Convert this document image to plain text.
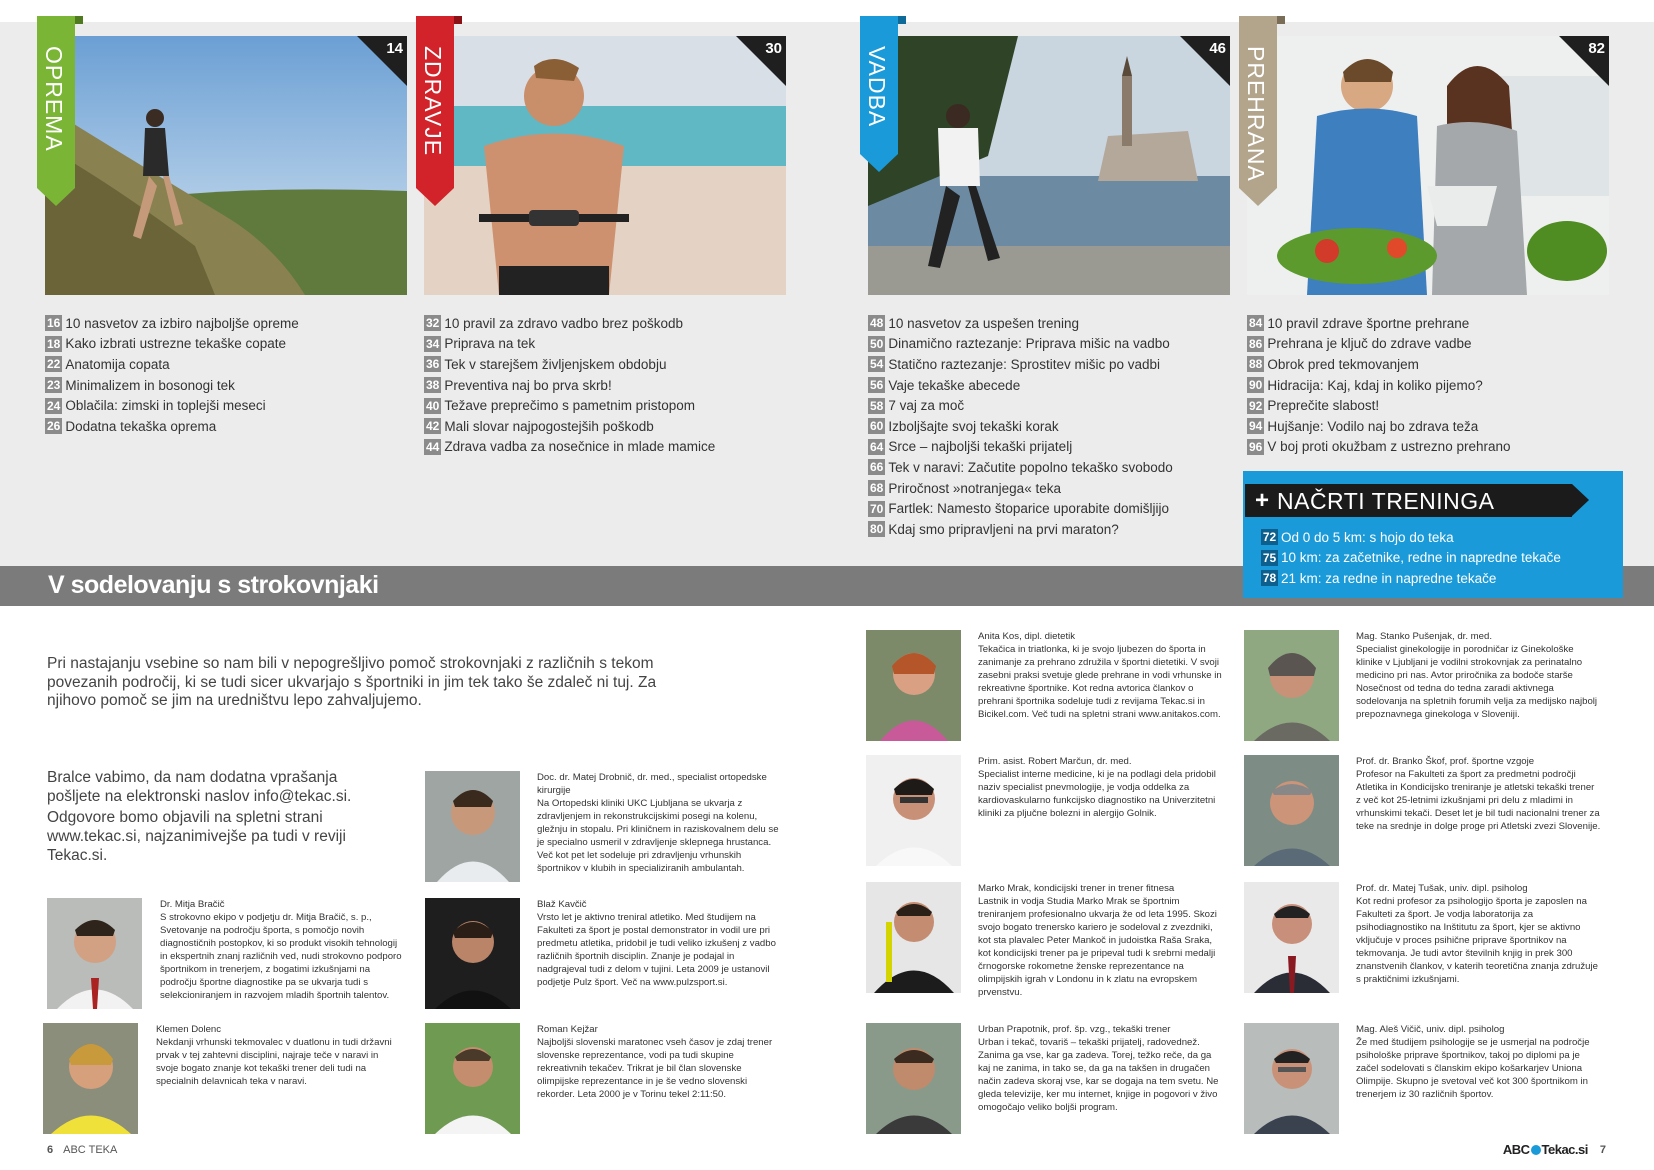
14
OPREMA
16 10 nasvetov za izbiro najboljše opreme
18 Kako izbrati ustrezne tekaške copate
22 Anatomija copata
23 Minimalizem in bosonogi tek
24 Oblačila: zimski in toplejši meseci
26 Dodatna tekaška oprema
30
ZDRAVJE
32 10 pravil za zdravo vadbo brez poškodb
34 Priprava na tek
36 Tek v starejšem življenjskem obdobju
38 Preventiva naj bo prva skrb!
40 Težave preprečimo s pametnim pristopom
42 Mali slovar najpogostejših poškodb
44 Zdrava vadba za nosečnice in mlade mamice
46
VADBA
48 10 nasvetov za uspešen trening
50 Dinamično raztezanje: Priprava mišic na vadbo
54 Statično raztezanje: Sprostitev mišic po vadbi
56 Vaje tekaške abecede
58 7 vaj za moč
60 Izboljšajte svoj tekaški korak
64 Srce – najboljši tekaški prijatelj
66 Tek v naravi: Začutite popolno tekaško svobodo
68 Priročnost »notranjega« teka
70 Fartlek: Namesto štoparice uporabite domišljijo
80 Kdaj smo pripravljeni na prvi maraton?
82
PREHRANA
84 10 pravil zdrave športne prehrane
86 Prehrana je ključ do zdrave vadbe
88 Obrok pred tekmovanjem
90 Hidracija: Kaj, kdaj in koliko pijemo?
92 Preprečite slabost!
94 Hujšanje: Vodilo naj bo zdrava teža
96 V boj proti okužbam z ustrezno prehrano
V sodelovanju s strokovnjaki
+ NAČRTI TRENINGA
72 Od 0 do 5 km: s hojo do teka
75 10 km: za začetnike, redne in napredne tekače
78 21 km: za redne in napredne tekače

Pri nastajanju vsebine so nam bili v nepogrešljivo pomoč strokovnjaki z različnih s tekom povezanih področij, ki se tudi sicer ukvarjajo s športniki in jim tek tako še zdaleč ni tuj. Za njihovo pomoč se jim na uredništvu lepo zahvaljujemo.

Bralce vabimo, da nam dodatna vprašanja pošljete na elektronski naslov info@tekac.si.

Odgovore bomo objavili na spletni strani www.tekac.si, najzanimivejše pa tudi v reviji Tekac.si.

Doc. dr. Matej Drobnič, dr. med., specialist ortopedske kirurgije
Na Ortopedski kliniki UKC Ljubljana se ukvarja z zdravljenjem in rekonstrukcijskimi posegi na kolenu, gležnju in stopalu. Pri kliničnem in raziskovalnem delu se je specialno usmeril v zdravljenje sklepnega hrustanca. Več kot pet let sodeluje pri zdravljenju vrhunskih športnikov v klubih in specializiranih ambulantah.
Dr. Mitja Bračič
S strokovno ekipo v podjetju dr. Mitja Bračič, s. p., Svetovanje na področju športa, s pomočjo novih diagnostičnih postopkov, ki so produkt visokih tehnologij in ekspertnih znanj različnih ved, nudi strokovno podporo športnikom in trenerjem, z bogatimi izkušnjami na področju športne diagnostike pa se ukvarja tudi s selekcioniranjem in razvojem mladih športnih talentov.
Blaž Kavčič
Vrsto let je aktivno treniral atletiko. Med študijem na Fakulteti za šport je postal demonstrator in vodil ure pri predmetu atletika, pridobil je tudi veliko izkušenj z vadbo različnih športnih disciplin. Znanje je podajal in nadgrajeval tudi z delom v tujini. Leta 2009 je ustanovil podjetje Pulz šport. Več na www.pulzsport.si.
Klemen Dolenc
Nekdanji vrhunski tekmovalec v duatlonu in tudi državni prvak v tej zahtevni disciplini, najraje teče v naravi in svoje bogato znanje kot tekaški trener deli tudi na specialnih delavnicah teka v naravi.
Roman Kejžar
Najboljši slovenski maratonec vseh časov je zdaj trener slovenske reprezentance, vodi pa tudi skupine rekreativnih tekačev. Trikrat je bil član slovenske olimpijske reprezentance in je še vedno slovenski rekorder. Leta 2000 je v Torinu tekel 2:11:50.
Anita Kos, dipl. dietetik
Tekačica in triatlonka, ki je svojo ljubezen do športa in zanimanje za prehrano združila v športni dietetiki. V svoji zasebni praksi svetuje glede prehrane in vodi vrhunske in rekreativne športnike. Kot redna avtorica člankov o prehrani športnika sodeluje tudi z revijama Tekac.si in Bicikel.com. Več tudi na spletni strani www.anitakos.com.
Mag. Stanko Pušenjak, dr. med.
Specialist ginekologije in porodničar iz Ginekološke klinike v Ljubljani je vodilni strokovnjak za perinatalno medicino pri nas. Avtor priročnika za bodoče starše Nosečnost od tedna do tedna zaradi aktivnega sodelovanja na spletnih forumih velja za medijsko najbolj prepoznavnega ginekologa v Sloveniji.
Prim. asist. Robert Marčun, dr. med.
Specialist interne medicine, ki je na podlagi dela pridobil naziv specialist pnevmologije, je vodja oddelka za kardiovaskularno funkcijsko diagnostiko na Univerzitetni kliniki za pljučne bolezni in alergijo Golnik.
Prof. dr. Branko Škof, prof. športne vzgoje
Profesor na Fakulteti za šport za predmetni področji Atletika in Kondicijsko treniranje je atletski tekaški trener z več kot 25-letnimi izkušnjami pri delu z mladimi in vrhunskimi tekači. Deset let je bil tudi nacionalni trener za teke na srednje in dolge proge pri Atletski zvezi Slovenije.
Marko Mrak, kondicijski trener in trener fitnesa
Lastnik in vodja Studia Marko Mrak se športnim treniranjem profesionalno ukvarja že od leta 1995. Skozi svojo bogato trenersko kariero je sodeloval z zvezdniki, kot sta plavalec Peter Mankoč in judoistka Raša Sraka, kot kondicijski trener pa je pripeval tudi k srebrni medalji črnogorske rokometne ženske reprezentance na olimpijskih igrah v Londonu in k zlatu na evropskem prvenstvu.
Prof. dr. Matej Tušak, univ. dipl. psiholog
Kot redni profesor za psihologijo športa je zaposlen na Fakulteti za šport. Je vodja laboratorija za psihodiagnostiko na Inštitutu za šport, kjer se aktivno vključuje v proces psihične priprave športnikov na tekmovanja. Je tudi avtor številnih knjig in prek 300 znanstvenih člankov, v katerih teoretična znanja združuje s praktičnimi izkušnjami.
Urban Prapotnik, prof. šp. vzg., tekaški trener
Urban i tekač, tovariš – tekaški prijatelj, radovednež. Zanima ga vse, kar ga zadeva. Torej, težko reče, da ga kaj ne zanima, in tako se, da ga na takšen in drugačen način zadeva skoraj vse, kar se dogaja na tem svetu. Ne gleda televizije, ker mu internet, knjige in pogovori v živo omogočajo veliko boljši program.
Mag. Aleš Vičič, univ. dipl. psiholog
Že med študijem psihologije se je usmerjal na področje psihološke priprave športnikov, takoj po diplomi pa je začel sodelovati s članskim ekipo košarkarjev Uniona Olimpije. Skupno je svetoval več kot 300 športnikom in trenerjem iz 30 različnih športov.
6 ABC TEKA	ABC Tekac.si 7
